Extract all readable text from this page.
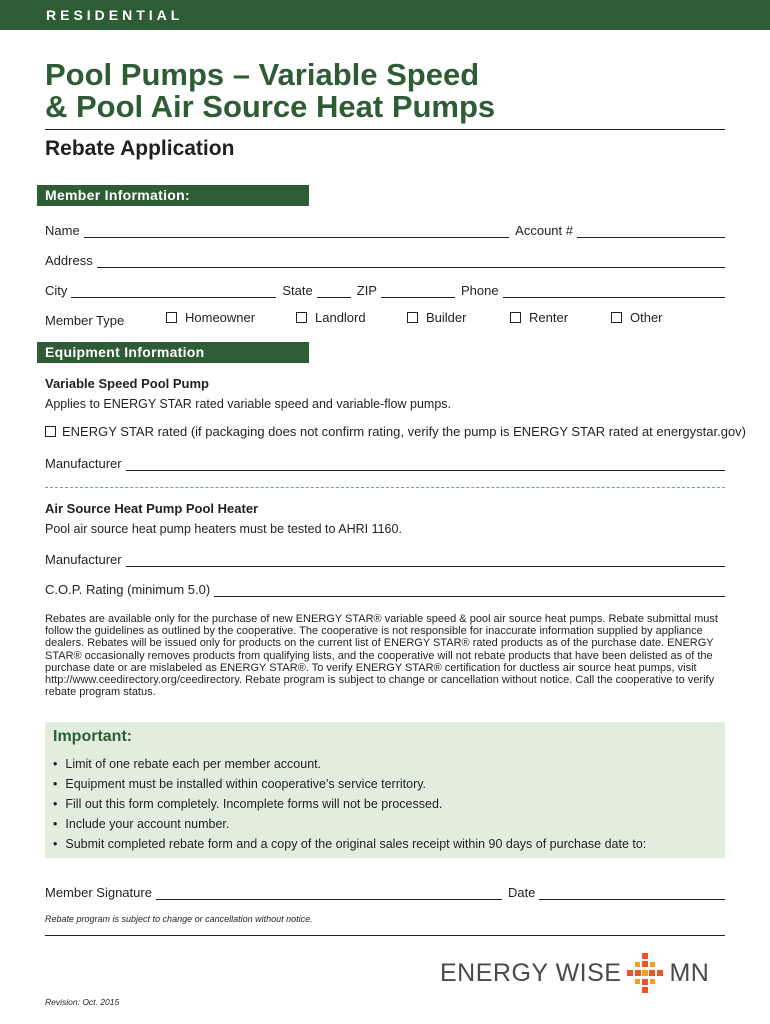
RESIDENTIAL
Pool Pumps – Variable Speed
& Pool Air Source Heat Pumps
Rebate Application
Member Information:
Name	Account #
Address
City	State	ZIP	Phone
Member Type	Homeowner	Landlord	Builder	Renter	Other
Equipment Information
Variable Speed Pool Pump
Applies to ENERGY STAR rated variable speed and variable-flow pumps.
ENERGY STAR rated (if packaging does not confirm rating, verify the pump is ENERGY STAR rated at energystar.gov)
Manufacturer
Air Source Heat Pump Pool Heater
Pool air source heat pump heaters must be tested to AHRI 1160.
Manufacturer
C.O.P. Rating (minimum 5.0)
Rebates are available only for the purchase of new ENERGY STAR® variable speed & pool air source heat pumps. Rebate submittal must follow the guidelines as outlined by the cooperative. The cooperative is not responsible for inaccurate information supplied by appliance dealers. Rebates will be issued only for products on the current list of ENERGY STAR® rated products as of the purchase date. ENERGY STAR® occasionally removes products from qualifying lists, and the cooperative will not rebate products that have been delisted as of the purchase date or are mislabeled as ENERGY STAR®. To verify ENERGY STAR® certification for ductless air source heat pumps, visit http://www.ceedirectory.org/ceedirectory. Rebate program is subject to change or cancellation without notice. Call the cooperative to verify rebate program status.
Important:
• Limit of one rebate each per member account.
• Equipment must be installed within cooperative's service territory.
• Fill out this form completely. Incomplete forms will not be processed.
• Include your account number.
• Submit completed rebate form and a copy of the original sales receipt within 90 days of purchase date to:
Member Signature	Date
Rebate program is subject to change or cancellation without notice.
ENERGY WISE MN
Revision: Oct. 2015
